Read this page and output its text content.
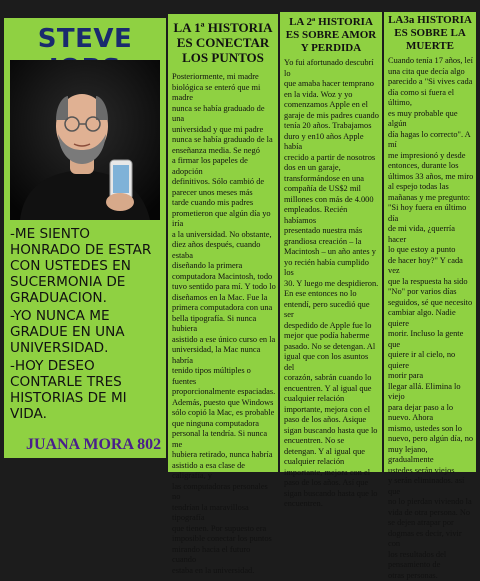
STEVE
-ME SIENTO HONRADO DE ESTAR CON USTEDES EN SUCERMONIA DE GRADUACION.
-YO NUNCA ME GRADUE EN UNA UNIVERSIDAD.
-HOY DESEO CONTARLE TRES HISTORIAS DE MI VIDA.
JUANA MORA 802
LA 1ª HISTORIA ES CONECTAR LOS PUNTOS
Posteriormente, mi madre
biológica se enteró que mi madre
nunca se había graduado de una
universidad y que mi padre
nunca se había graduado de la
enseñanza media. Se negó
a firmar los papeles de adopción
definitivos. Sólo cambió de
parecer unos meses más
tarde cuando mis padres
prometieron que algún día yo iría
a la universidad. No obstante,
diez años después, cuando estaba
diseñando la primera
computadora Macintosh, todo
tuvo sentido para mí. Y todo lo
diseñamos en la Mac. Fue la
primera computadora con una
bella tipografía. Si nunca hubiera
asistido a ese único curso en la
universidad, la Mac nunca habría
tenido tipos múltiples o fuentes
proporcionalmente espaciadas.
Además, puesto que Windows
sólo copió la Mac, es probable
que ninguna computadora
personal la tendría. Si nunca me
hubiera retirado, nunca habría
asistido a esa clase de caligrafía, y
las computadoras personales no
tendrían la maravillosa tipografía
que tienen. Por supuesto era
imposible conectar los puntos
mirando hacia el futuro cuando
estaba en la universidad.
LA 2ª HISTORIA ES SOBRE AMOR Y PERDIDA
Yo fui afortunado descubrí lo
que amaba hacer temprano
en la vida. Woz y yo
comenzamos Apple en el
garaje de mis padres cuando
tenía 20 años. Trabajamos
duro y en10 años Apple había
crecido a partir de nosotros
dos en un garaje,
transformándose en una
compañía de US$2 mil
millones con más de 4.000
empleados. Recién habíamos
presentado nuestra más
grandiosa creación – la
Macintosh – un año antes y
yo recién había cumplido los
30. Y luego me despidieron.
En ese entonces no lo
entendí, pero sucedió que ser
despedido de Apple fue lo
mejor que podía haberme
pasado. No se detengan. Al
igual que con los asuntos del
corazón, sabrán cuando lo
encuentren. Y al igual que
cualquier relación
importante, mejora con el
paso de los años. Asique
sigan buscando hasta que lo
encuentren. No se
detengan. Y al igual que
cualquier relación
importante, mejora con el
paso de los años. Así que
sigan buscando hasta que lo
encuentren.
LA3a HISTORIA ES SOBRE LA MUERTE
Cuando tenía 17 años, leí
una cita que decía algo
parecido a "Si vives cada
día como si fuera el último,
es muy probable que algún
día hagas lo correcto". A mí
me impresionó y desde
entonces, durante los
últimos 33 años, me miro
al espejo todas las
mañanas y me pregunto:
"Si hoy fuera en último día
de mi vida, ¿querría hacer
lo que estoy a punto
de hacer hoy?" Y cada vez
que la respuesta ha sido
"No" por varios días
seguidos, sé que necesito
cambiar algo. Nadie quiere
morir. Incluso la gente que
quiere ir al cielo, no quiere
morir para
llegar allá. Elimina lo viejo
para dejar paso a lo
nuevo. Ahora
mismo, ustedes son lo
nuevo, pero algún día, no
muy lejano, gradualmente
ustedes serán viejos
y serán eliminados. así que
no lo pierdan viviendo la
vida de otra persona. No
se dejen atrapar por
dogmas es decir, vivir con
los resultados del
pensamiento de
otras personas.
